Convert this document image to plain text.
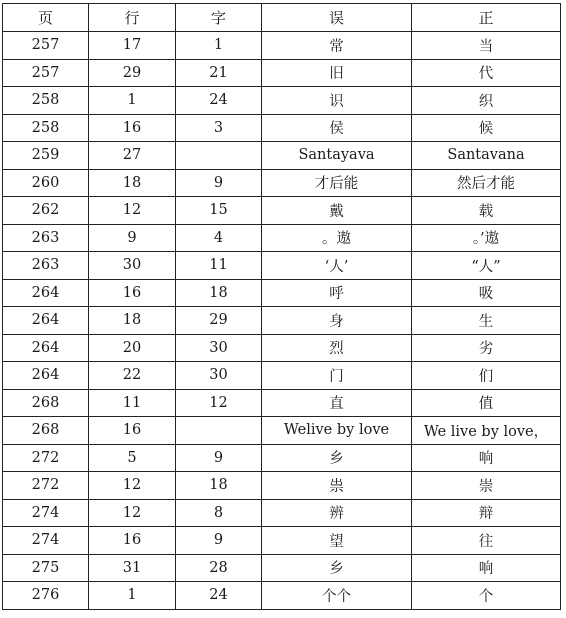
页	行	字	误	正
257	17	1	常	当
257	29	21	旧	代
258	1	24	识	织
258	16	3	侯	候
259	27		Santayava	Santavana
260	18	9	才后能	然后才能
262	12	15	戴	载
263	9	4	。遨	。’遨
263	30	11	‘人’	“人”
264	16	18	呼	吸
264	18	29	身	生
264	20	30	烈	劣
264	22	30	门	们
268	11	12	直	值
268	16		Welive by love	We live by love，
272	5	9	乡	响
272	12	18	祟	崇
274	12	8	辨	辩
274	16	9	望	往
275	31	28	乡	响
276	1	24	个个	个
